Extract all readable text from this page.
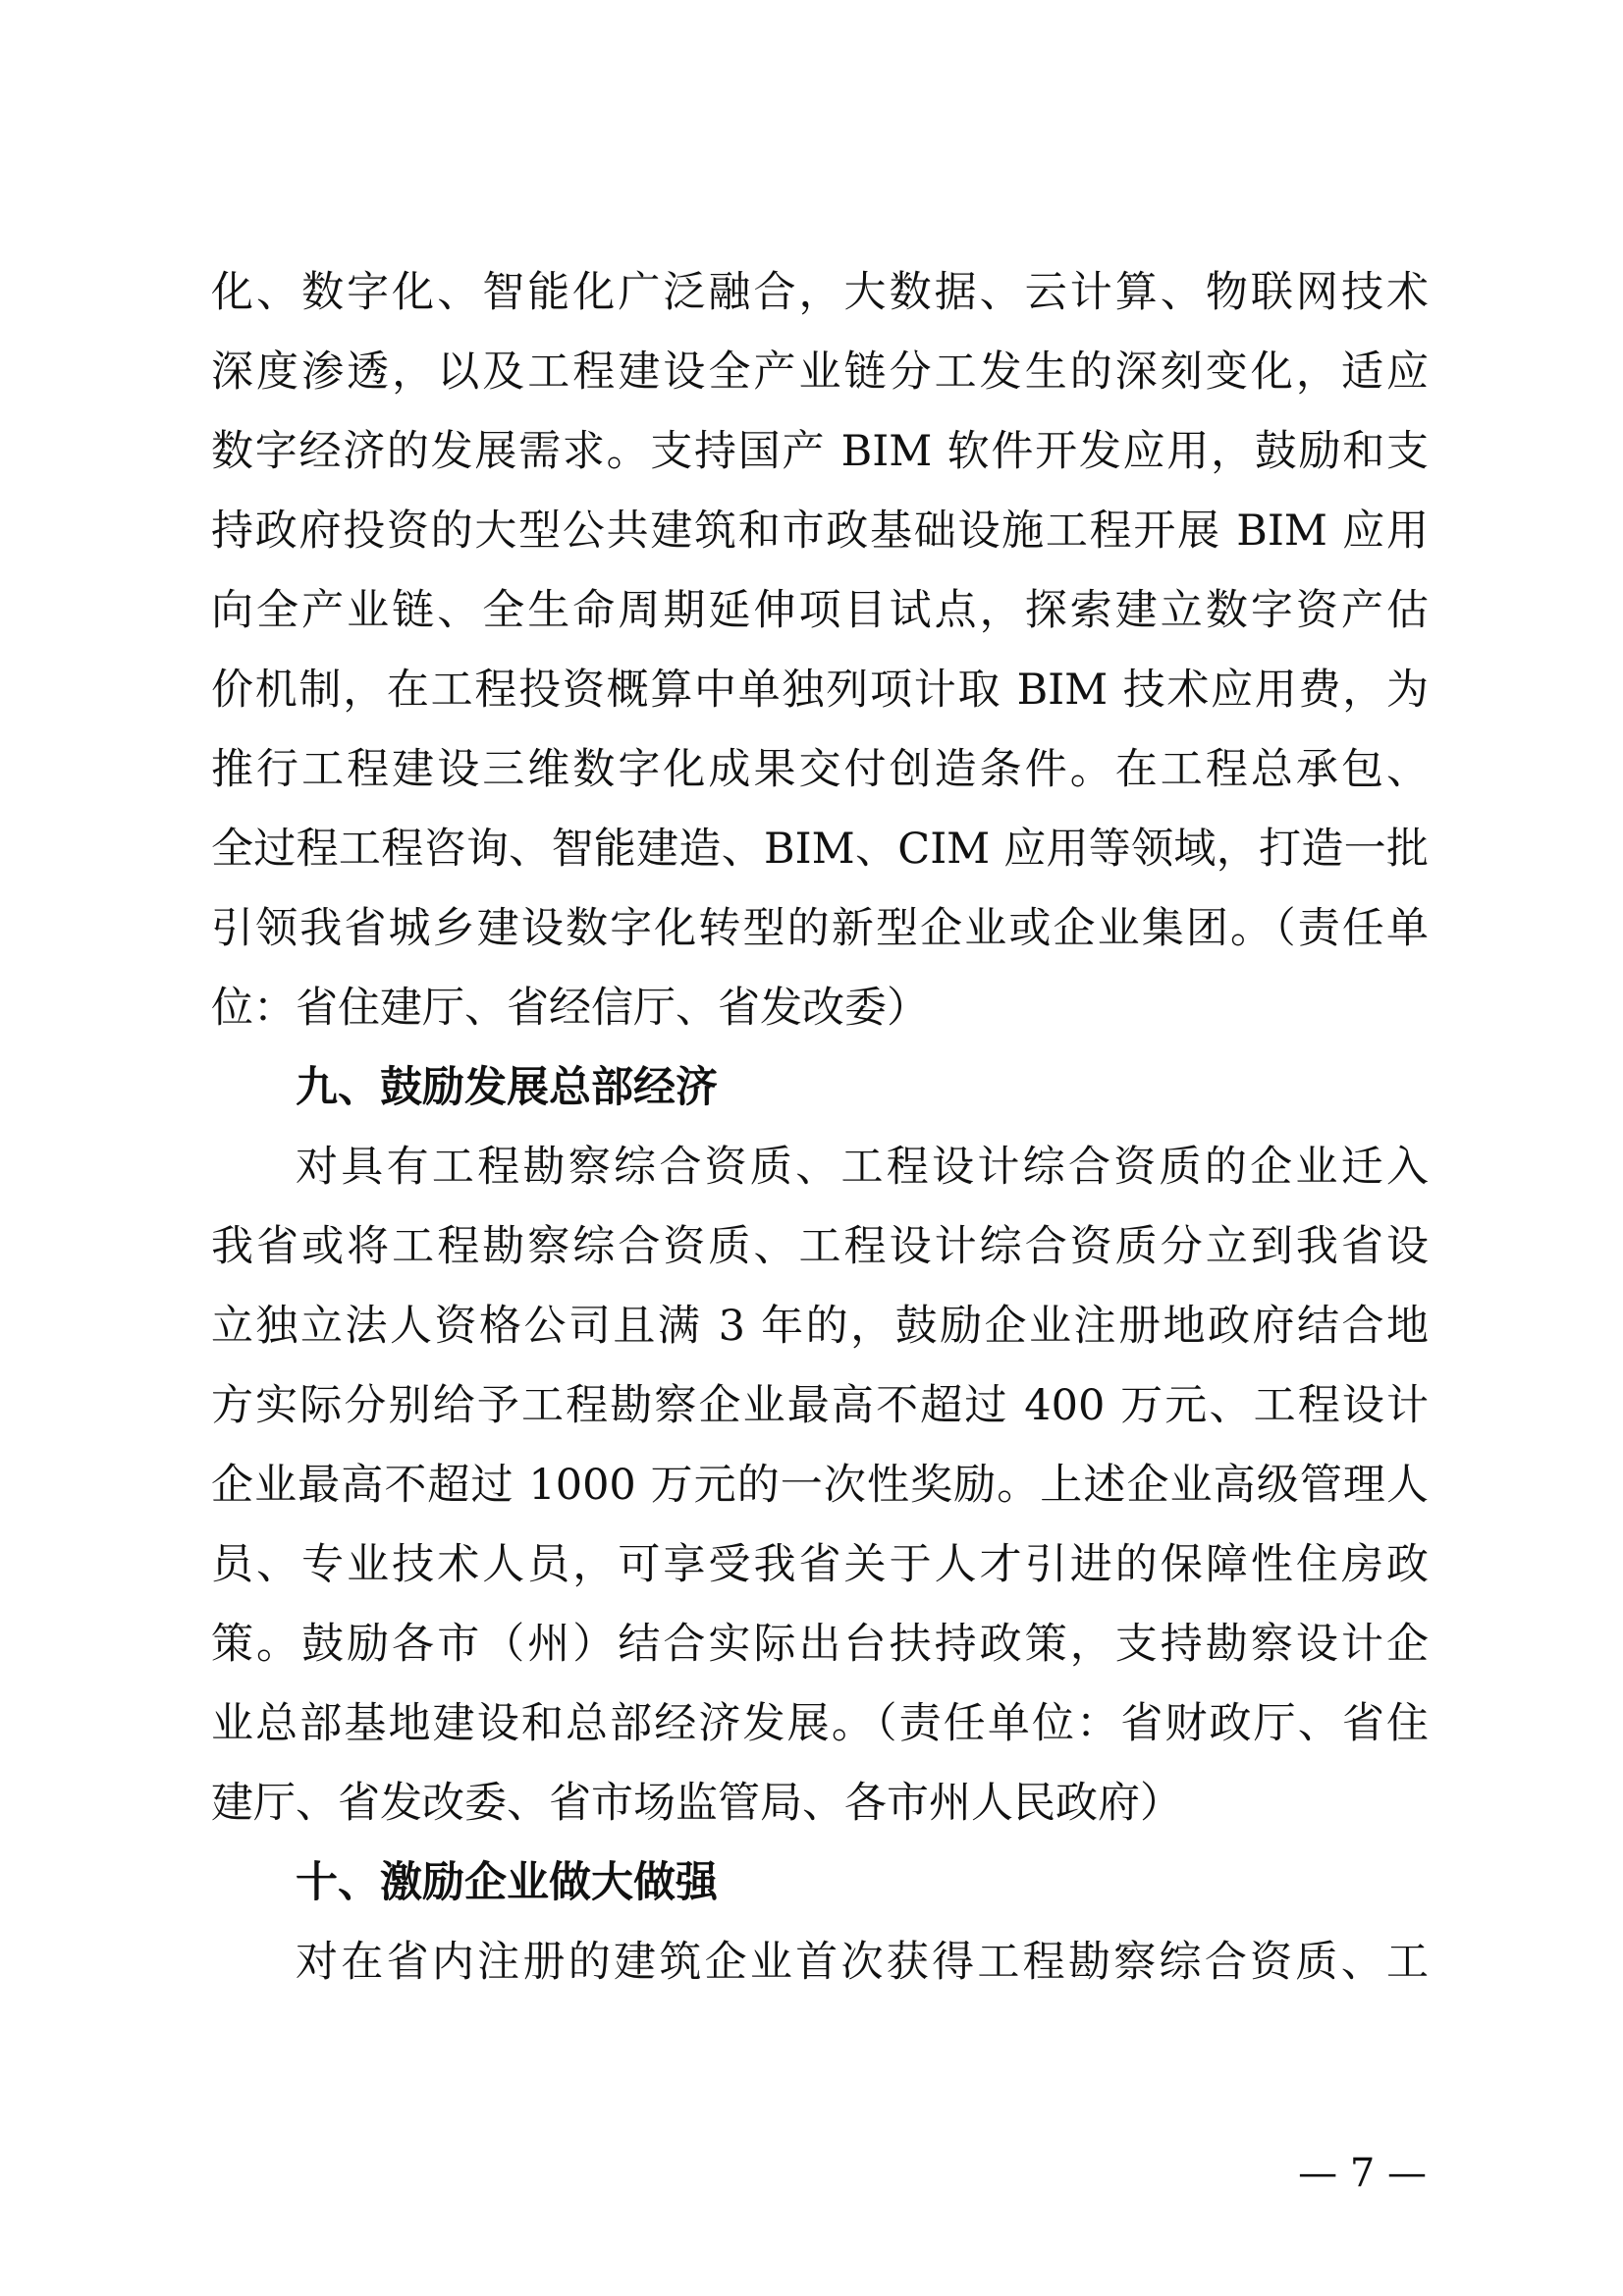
化、数字化、智能化广泛融合，大数据、云计算、物联网技术
深度渗透，以及工程建设全产业链分工发生的深刻变化，适应
数字经济的发展需求。支持国产 BIM 软件开发应用，鼓励和支
持政府投资的大型公共建筑和市政基础设施工程开展 BIM 应用
向全产业链、全生命周期延伸项目试点，探索建立数字资产估
价机制，在工程投资概算中单独列项计取 BIM 技术应用费，为
推行工程建设三维数字化成果交付创造条件。在工程总承包、
全过程工程咨询、智能建造、BIM、CIM 应用等领域，打造一批
引领我省城乡建设数字化转型的新型企业或企业集团。（责任单
位：省住建厅、省经信厅、省发改委）
九、鼓励发展总部经济
对具有工程勘察综合资质、工程设计综合资质的企业迁入
我省或将工程勘察综合资质、工程设计综合资质分立到我省设
立独立法人资格公司且满 3 年的，鼓励企业注册地政府结合地
方实际分别给予工程勘察企业最高不超过 400 万元、工程设计
企业最高不超过 1000 万元的一次性奖励。上述企业高级管理人
员、专业技术人员，可享受我省关于人才引进的保障性住房政
策。鼓励各市（州）结合实际出台扶持政策，支持勘察设计企
业总部基地建设和总部经济发展。（责任单位：省财政厅、省住
建厅、省发改委、省市场监管局、各市州人民政府）
十、激励企业做大做强
对在省内注册的建筑企业首次获得工程勘察综合资质、工
— 7 —
